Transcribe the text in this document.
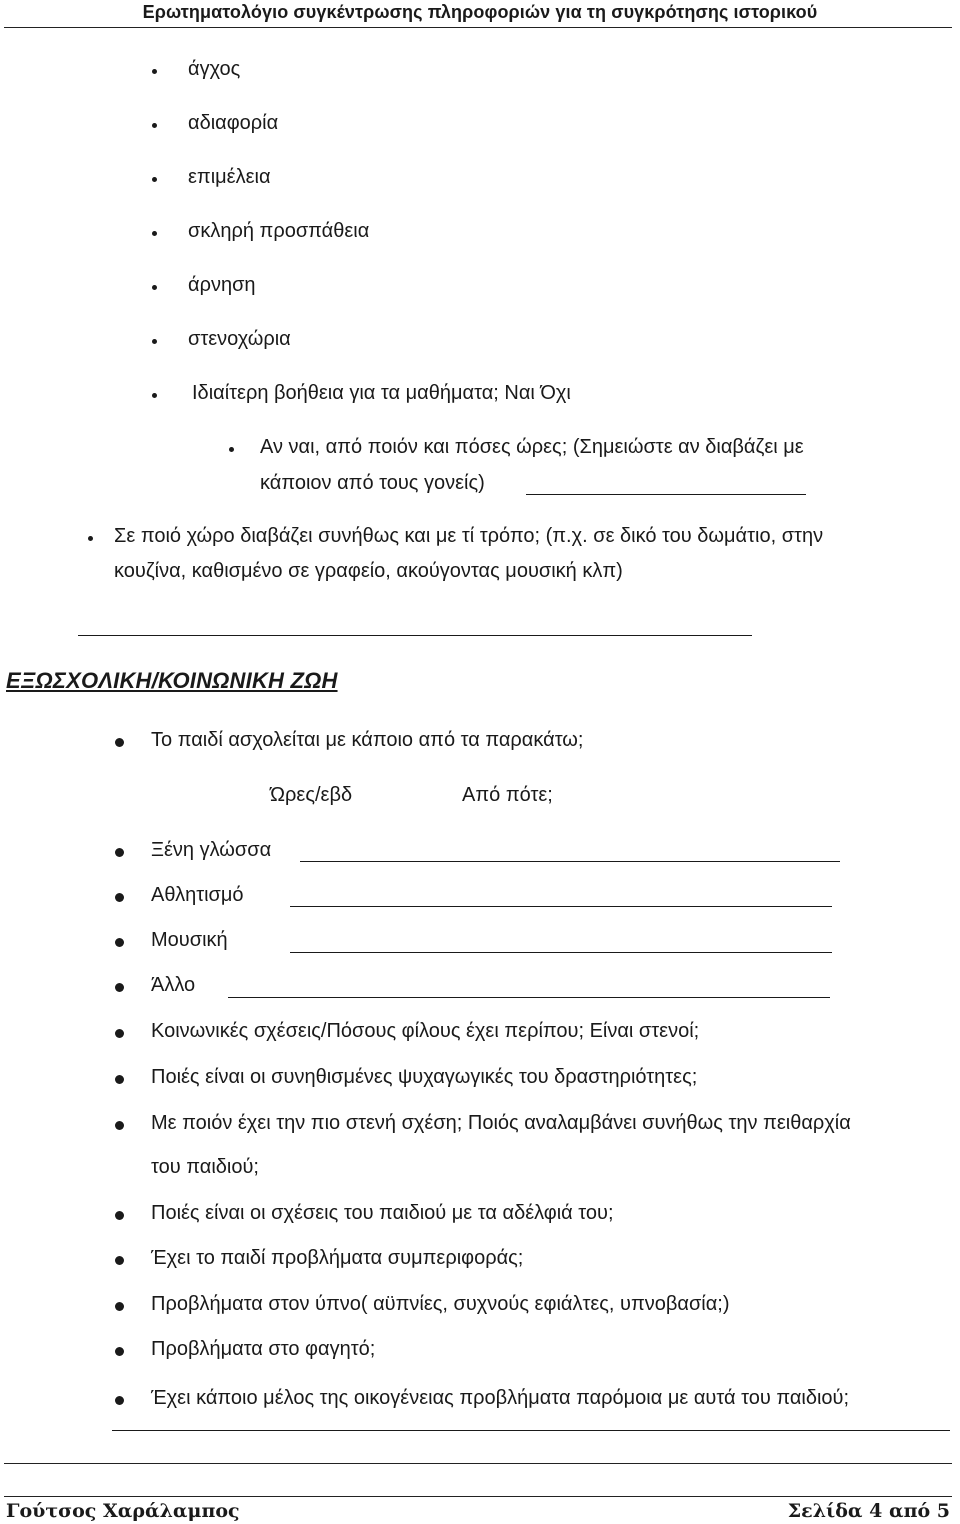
Ερωτηματολόγιο συγκέντρωσης πληροφοριών για τη συγκρότησης ιστορικού
άγχος
αδιαφορία
επιμέλεια
σκληρή προσπάθεια
άρνηση
στενοχώρια
Ιδιαίτερη βοήθεια για τα μαθήματα; Ναι Όχι
Αν ναι, από ποιόν και πόσες ώρες; (Σημειώστε αν διαβάζει με
κάποιον από τους γονείς)
Σε ποιό χώρο διαβάζει συνήθως και με τί τρόπο; (π.χ. σε δικό του δωμάτιο, στην
κουζίνα, καθισμένο σε γραφείο, ακούγοντας μουσική κλπ)
ΕΞΩΣΧΟΛΙΚΗ/ΚΟΙΝΩΝΙΚΗ ΖΩΗ
Το παιδί ασχολείται με κάποιο από τα παρακάτω;
Ώρες/εβδ	Από πότε;
Ξένη γλώσσα
Αθλητισμό
Μουσική
Άλλο
Κοινωνικές σχέσεις/Πόσους φίλους έχει περίπου; Είναι στενοί;
Ποιές είναι οι συνηθισμένες ψυχαγωγικές του δραστηριότητες;
Με ποιόν έχει την πιο στενή σχέση; Ποιός αναλαμβάνει συνήθως την πειθαρχία
του παιδιού;
Ποιές είναι οι σχέσεις του παιδιού με τα αδέλφιά του;
Έχει το παιδί προβλήματα συμπεριφοράς;
Προβλήματα στον ύπνο( αϋπνίες, συχνούς εφιάλτες, υπνοβασία;)
Προβλήματα στο φαγητό;
Έχει κάποιο μέλος της οικογένειας προβλήματα παρόμοια με αυτά του παιδιού;
Γούτσος Χαράλαμπος	Σελίδα 4 από 5
